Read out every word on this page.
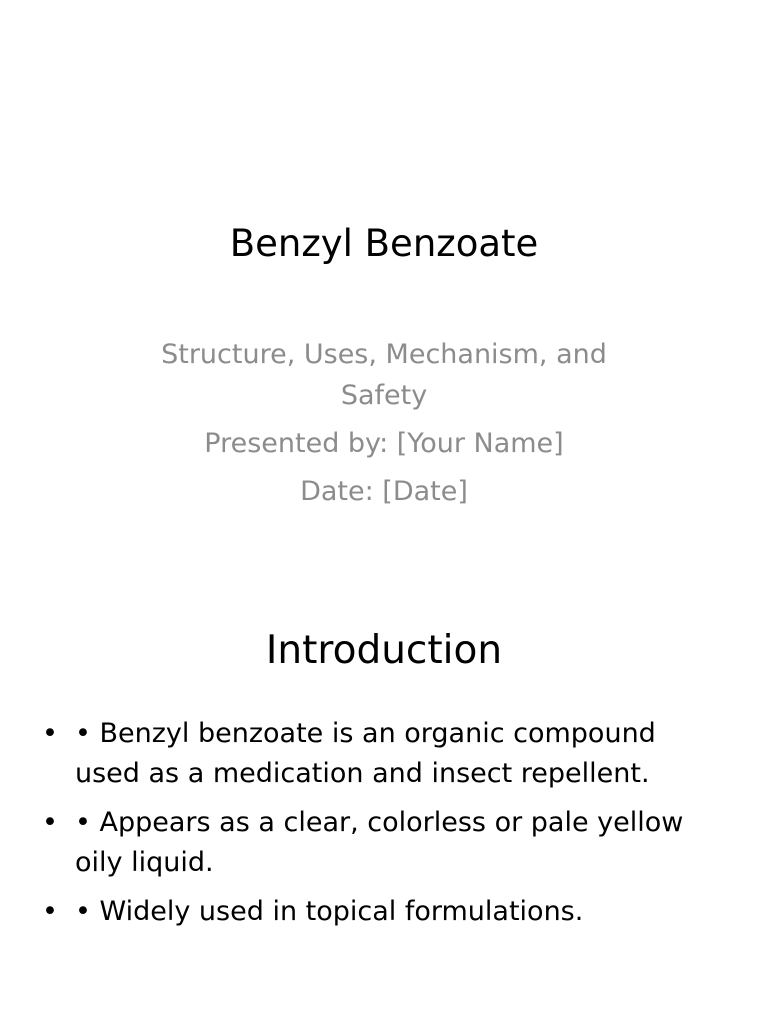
Benzyl Benzoate
Structure, Uses, Mechanism, and Safety
Presented by: [Your Name]
Date: [Date]
Introduction
• • Benzyl benzoate is an organic compound used as a medication and insect repellent.
• • Appears as a clear, colorless or pale yellow oily liquid.
• • Widely used in topical formulations.
